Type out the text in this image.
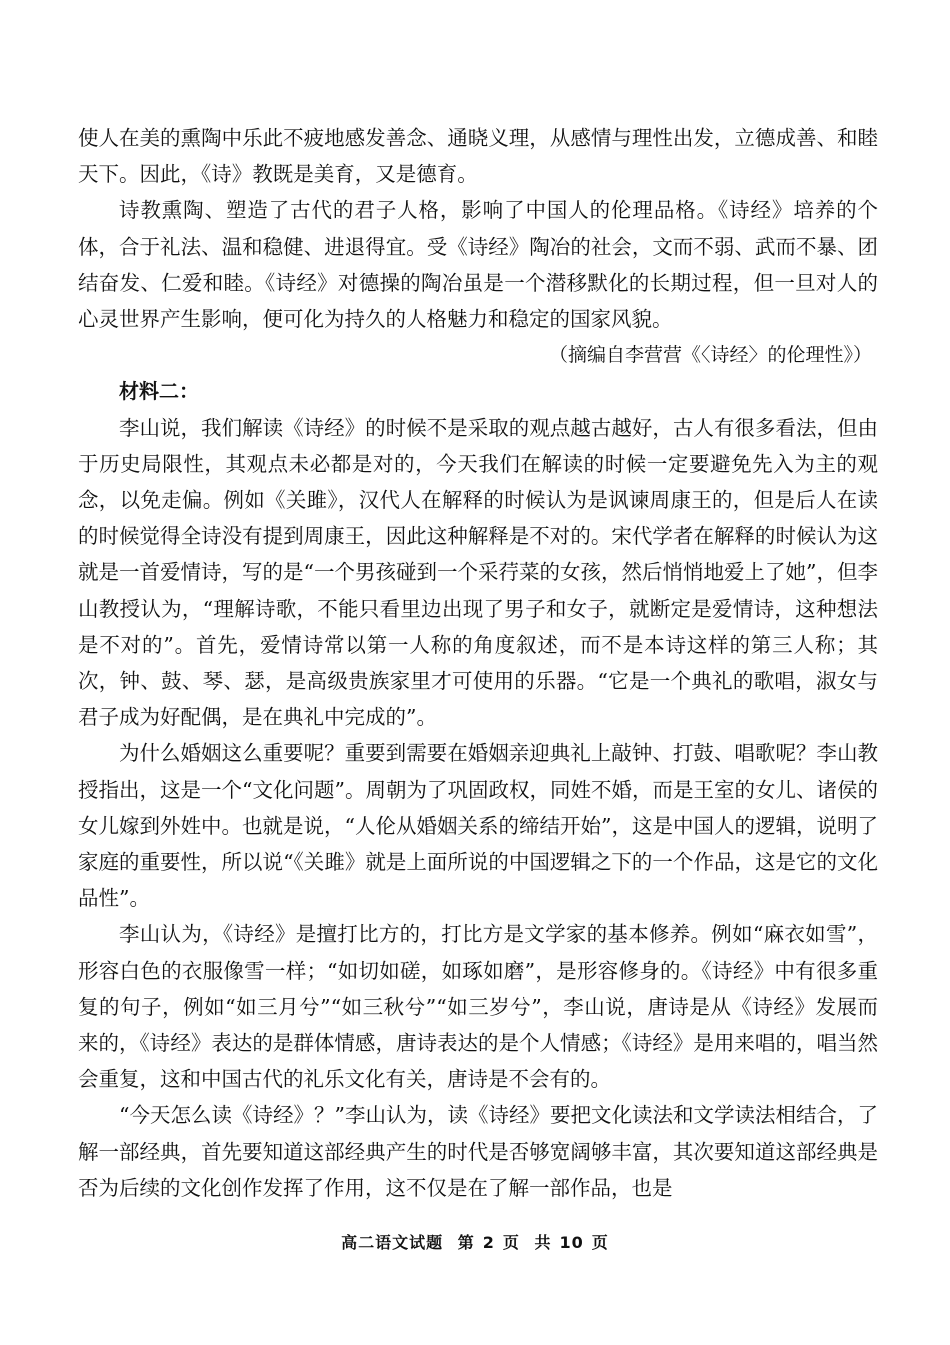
使人在美的熏陶中乐此不疲地感发善念、通晓义理，从感情与理性出发，立德成善、和睦天下。因此，《诗》教既是美育，又是德育。

诗教熏陶、塑造了古代的君子人格，影响了中国人的伦理品格。《诗经》培养的个体，合于礼法、温和稳健、进退得宜。受《诗经》陶冶的社会，文而不弱、武而不暴、团结奋发、仁爱和睦。《诗经》对德操的陶冶虽是一个潜移默化的长期过程，但一旦对人的心灵世界产生影响，便可化为持久的人格魅力和稳定的国家风貌。

（摘编自李营营《〈诗经〉的伦理性》）

材料二：

李山说，我们解读《诗经》的时候不是采取的观点越古越好，古人有很多看法，但由于历史局限性，其观点未必都是对的，今天我们在解读的时候一定要避免先入为主的观念，以免走偏。例如《关雎》，汉代人在解释的时候认为是讽谏周康王的，但是后人在读的时候觉得全诗没有提到周康王，因此这种解释是不对的。宋代学者在解释的时候认为这就是一首爱情诗，写的是“一个男孩碰到一个采荇菜的女孩，然后悄悄地爱上了她”，但李山教授认为，“理解诗歌，不能只看里边出现了男子和女子，就断定是爱情诗，这种想法是不对的”。首先，爱情诗常以第一人称的角度叙述，而不是本诗这样的第三人称；其次，钟、鼓、琴、瑟，是高级贵族家里才可使用的乐器。“它是一个典礼的歌唱，淑女与君子成为好配偶，是在典礼中完成的”。

为什么婚姻这么重要呢？重要到需要在婚姻亲迎典礼上敲钟、打鼓、唱歌呢？李山教授指出，这是一个“文化问题”。周朝为了巩固政权，同姓不婚，而是王室的女儿、诸侯的女儿嫁到外姓中。也就是说，“人伦从婚姻关系的缔结开始”，这是中国人的逻辑，说明了家庭的重要性，所以说“《关雎》就是上面所说的中国逻辑之下的一个作品，这是它的文化品性”。

李山认为，《诗经》是擅打比方的，打比方是文学家的基本修养。例如“麻衣如雪”，形容白色的衣服像雪一样；“如切如磋，如琢如磨”，是形容修身的。《诗经》中有很多重复的句子，例如“如三月兮”“如三秋兮”“如三岁兮”，李山说，唐诗是从《诗经》发展而来的，《诗经》表达的是群体情感，唐诗表达的是个人情感；《诗经》是用来唱的，唱当然会重复，这和中国古代的礼乐文化有关，唐诗是不会有的。

“今天怎么读《诗经》？”李山认为，读《诗经》要把文化读法和文学读法相结合，了解一部经典，首先要知道这部经典产生的时代是否够宽阔够丰富，其次要知道这部经典是否为后续的文化创作发挥了作用，这不仅是在了解一部作品，也是

高二语文试题 第 2 页 共 10 页
